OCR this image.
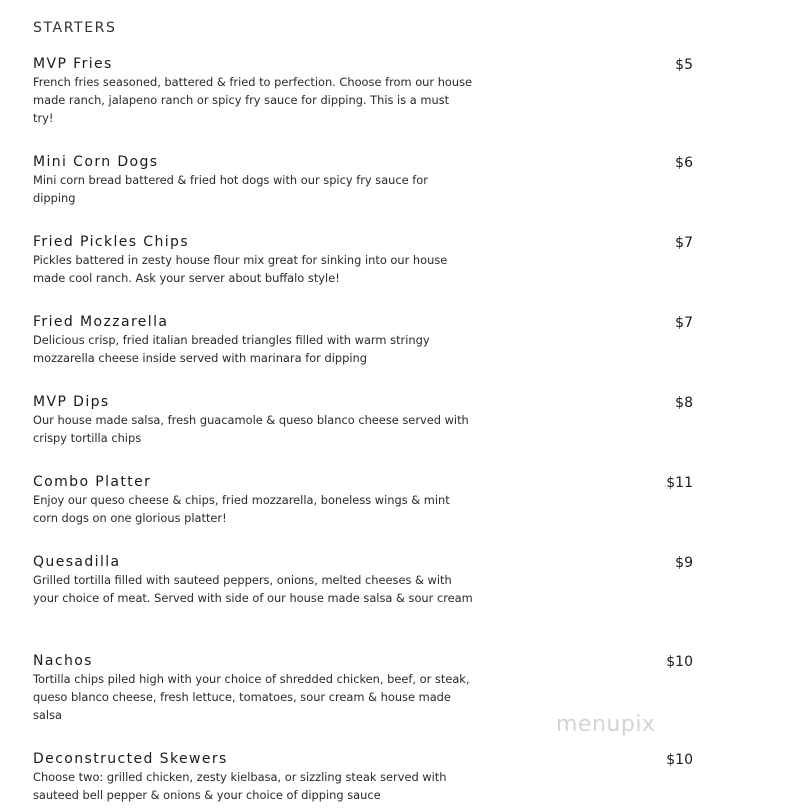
STARTERS
MVP Fries	$5

French fries seasoned, battered & fried to perfection. Choose from our house made ranch, jalapeno ranch or spicy fry sauce for dipping. This is a must try!

Mini Corn Dogs	$6

Mini corn bread battered & fried hot dogs with our spicy fry sauce for dipping

Fried Pickles Chips	$7

Pickles battered in zesty house flour mix great for sinking into our house made cool ranch. Ask your server about buffalo style!

Fried Mozzarella	$7

Delicious crisp, fried italian breaded triangles filled with warm stringy mozzarella cheese inside served with marinara for dipping

MVP Dips	$8

Our house made salsa, fresh guacamole & queso blanco cheese served with crispy tortilla chips

Combo Platter	$11

Enjoy our queso cheese & chips, fried mozzarella, boneless wings & mint corn dogs on one glorious platter!

Quesadilla	$9

Grilled tortilla filled with sauteed peppers, onions, melted cheeses & with your choice of meat. Served with side of our house made salsa & sour cream

Nachos	$10

Tortilla chips piled high with your choice of shredded chicken, beef, or steak, queso blanco cheese, fresh lettuce, tomatoes, sour cream & house made salsa

Deconstructed Skewers	$10

Choose two: grilled chicken, zesty kielbasa, or sizzling steak served with sauteed bell pepper & onions & your choice of dipping sauce

menupix
